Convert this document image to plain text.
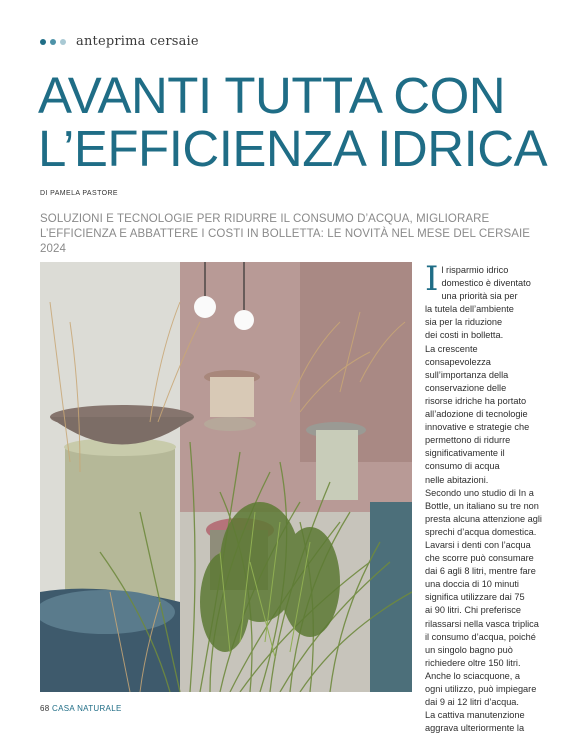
anteprima cersaie
AVANTI TUTTA CON
L’EFFICIENZA IDRICA
DI PAMELA PASTORE
SOLUZIONI E TECNOLOGIE PER RIDURRE IL CONSUMO D’ACQUA, MIGLIORARE L’EFFICIENZA E ABBATTERE I COSTI IN BOLLETTA: LE NOVITÀ NEL MESE DEL CERSAIE 2024
I l risparmio idrico
domestico è diventato
una priorità sia per
la tutela dell’ambiente
sia per la riduzione
dei costi in bolletta.
La crescente consapevolezza
sull’importanza della
conservazione delle
risorse idriche ha portato
all’adozione di tecnologie
innovative e strategie che
permettono di ridurre
significativamente il
consumo di acqua
nelle abitazioni.
Secondo uno studio di In a
Bottle, un italiano su tre non
presta alcuna attenzione agli
sprechi d’acqua domestica.
Lavarsi i denti con l’acqua
che scorre può consumare
dai 6 agli 8 litri, mentre fare
una doccia di 10 minuti
significa utilizzare dai 75
ai 90 litri. Chi preferisce
rilassarsi nella vasca triplica
il consumo d’acqua, poiché
un singolo bagno può
richiedere oltre 150 litri.
Anche lo sciacquone, a
ogni utilizzo, può impiegare
dai 9 ai 12 litri d’acqua.
La cattiva manutenzione
aggrava ulteriormente la

68 CASA NATURALE
